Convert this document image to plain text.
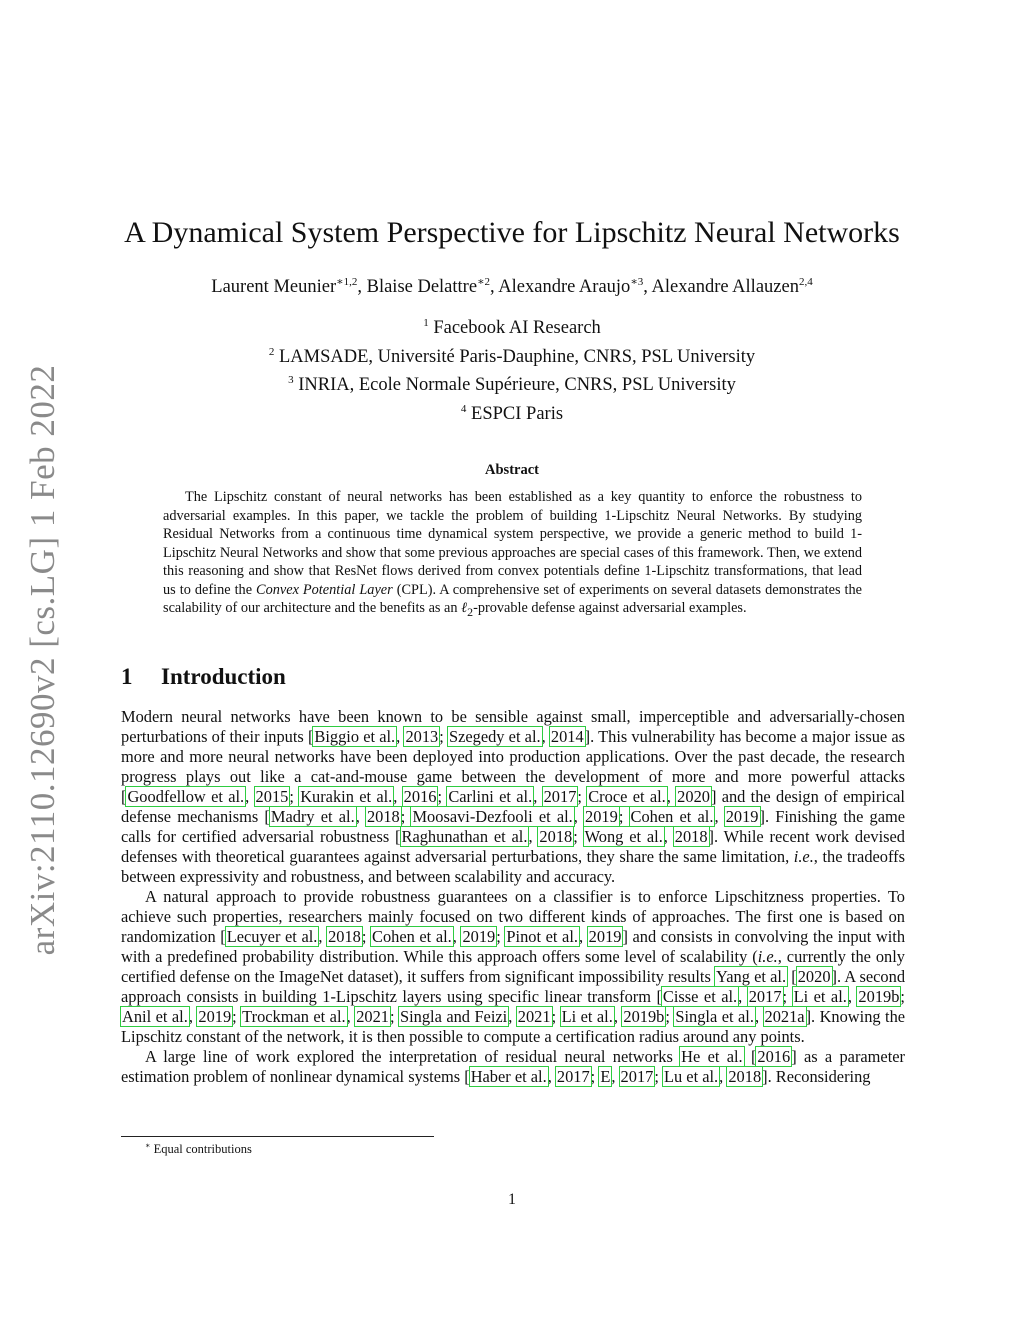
arXiv:2110.12690v2 [cs.LG] 1 Feb 2022
A Dynamical System Perspective for Lipschitz Neural Networks
Laurent Meunier$^{∗1,2}$, Blaise Delattre$^{∗2}$, Alexandre Araujo$^{∗3}$, Alexandre Allauzen$^{2,4}$
$^1$ Facebook AI Research
$^2$ LAMSADE, Université Paris-Dauphine, CNRS, PSL University
$^3$ INRIA, Ecole Normale Supérieure, CNRS, PSL University
$^4$ ESPCI Paris
Abstract

The Lipschitz constant of neural networks has been established as a key quantity to enforce the robustness to adversarial examples. In this paper, we tackle the problem of building 1-Lipschitz Neural Networks. By studying Residual Networks from a continuous time dynamical system perspective, we provide a generic method to build 1-Lipschitz Neural Networks and show that some previous approaches are special cases of this framework. Then, we extend this reasoning and show that ResNet flows derived from convex potentials define 1-Lipschitz transformations, that lead us to define the Convex Potential Layer (CPL). A comprehensive set of experiments on several datasets demonstrates the scalability of our architecture and the benefits as an ℓ$_2$-provable defense against adversarial examples.

1 Introduction

Modern neural networks have been known to be sensible against small, imperceptible and adversarially-chosen perturbations of their inputs [Biggio et al., 2013; Szegedy et al., 2014]. This vulnerability has become a major issue as more and more neural networks have been deployed into production applications. Over the past decade, the research progress plays out like a cat-and-mouse game between the development of more and more powerful attacks [Goodfellow et al., 2015; Kurakin et al., 2016; Carlini et al., 2017; Croce et al., 2020] and the design of empirical defense mechanisms [Madry et al., 2018; Moosavi-Dezfooli et al., 2019; Cohen et al., 2019]. Finishing the game calls for certified adversarial robustness [Raghunathan et al., 2018; Wong et al., 2018]. While recent work devised defenses with theoretical guarantees against adversarial perturbations, they share the same limitation, i.e., the tradeoffs between expressivity and robustness, and between scalability and accuracy.

A natural approach to provide robustness guarantees on a classifier is to enforce Lipschitzness properties. To achieve such properties, researchers mainly focused on two different kinds of approaches. The first one is based on randomization [Lecuyer et al., 2018; Cohen et al., 2019; Pinot et al., 2019] and consists in convolving the input with with a predefined probability distribution. While this approach offers some level of scalability (i.e., currently the only certified defense on the ImageNet dataset), it suffers from significant impossibility results Yang et al. [2020]. A second approach consists in building 1-Lipschitz layers using specific linear transform [Cisse et al., 2017; Li et al., 2019b; Anil et al., 2019; Trockman et al., 2021; Singla and Feizi, 2021; Li et al., 2019b; Singla et al., 2021a]. Knowing the Lipschitz constant of the network, it is then possible to compute a certification radius around any points.

A large line of work explored the interpretation of residual neural networks He et al. [2016] as a parameter estimation problem of nonlinear dynamical systems [Haber et al., 2017; E, 2017; Lu et al., 2018]. Reconsidering

∗ Equal contributions
1
